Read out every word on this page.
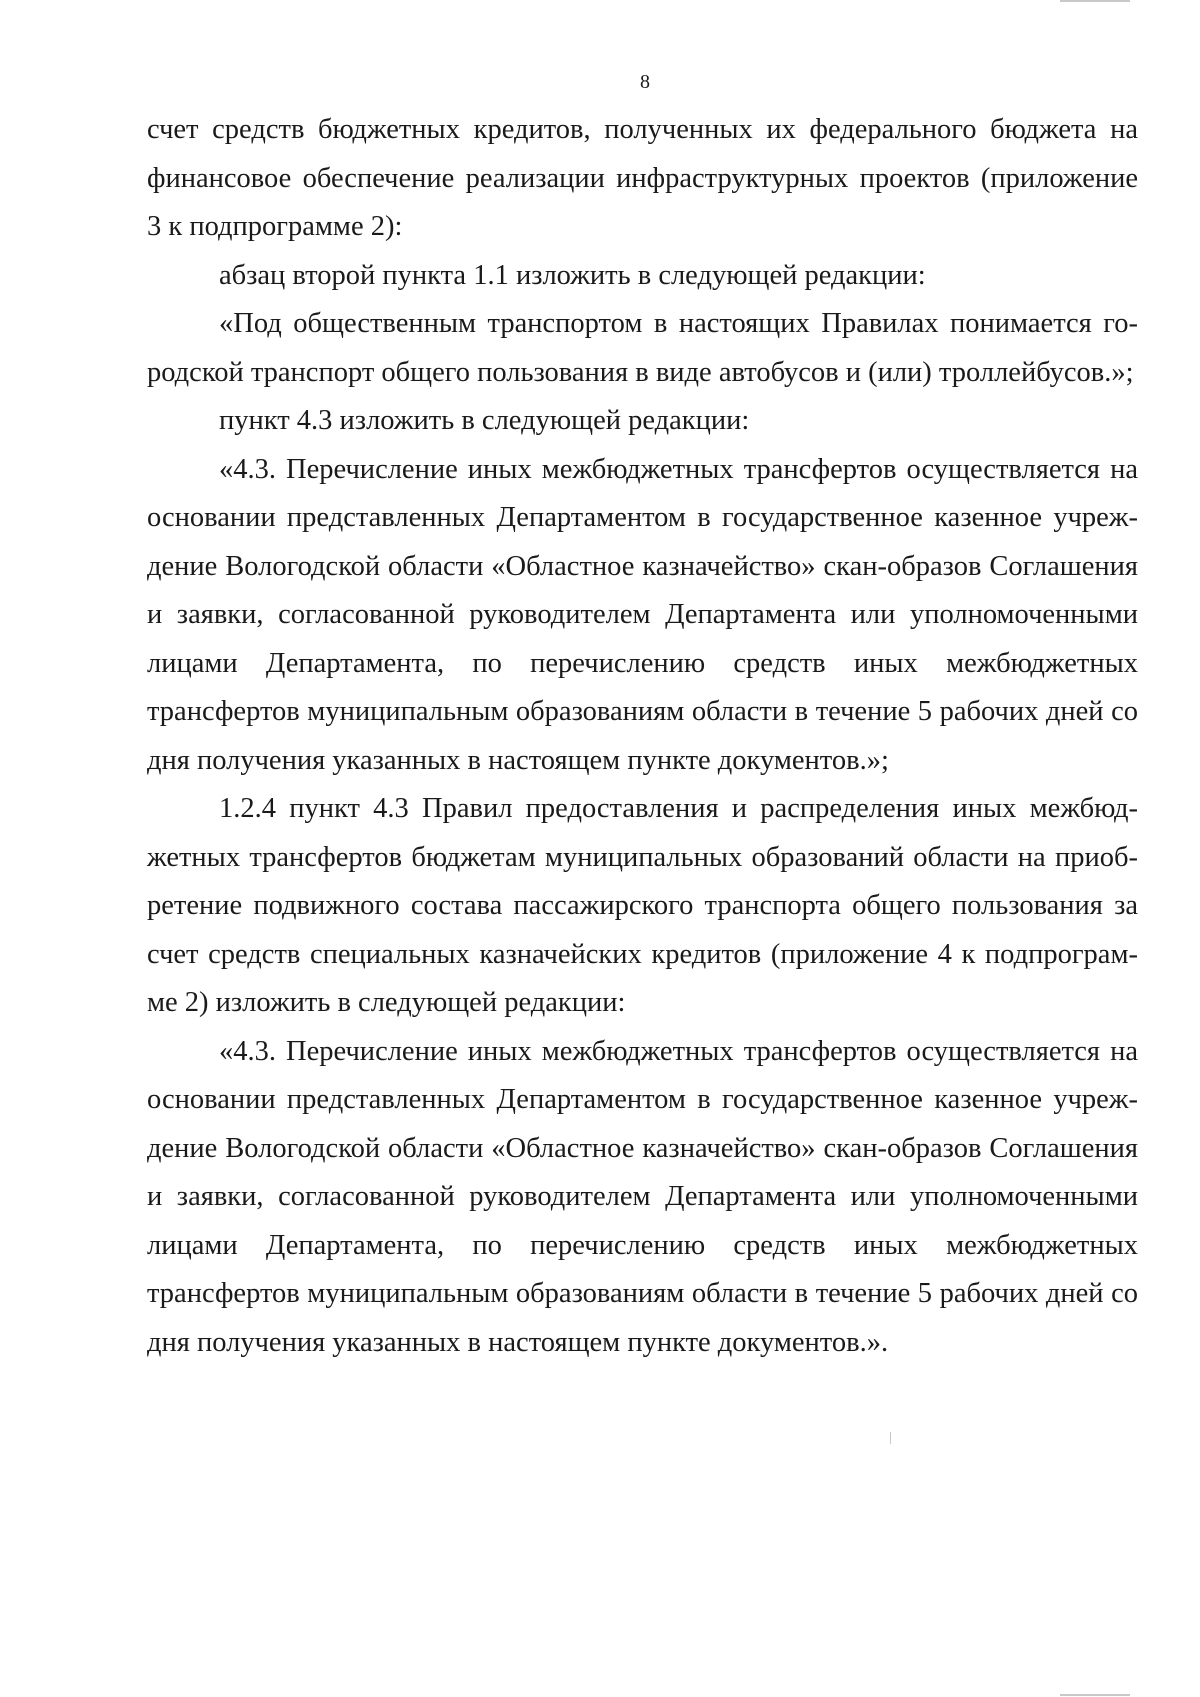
8

счет средств бюджетных кредитов, полученных их федерального бюджета на финансовое обеспечение реализации инфраструктурных проектов (приложение 3 к подпрограмме 2):

абзац второй пункта 1.1 изложить в следующей редакции:

«Под общественным транспортом в настоящих Правилах понимается городской транспорт общего пользования в виде автобусов и (или) троллейбусов.»;

пункт 4.3 изложить в следующей редакции:

«4.3. Перечисление иных межбюджетных трансфертов осуществляется на основании представленных Департаментом в государственное казенное учреждение Вологодской области «Областное казначейство» скан-образов Соглашения и заявки, согласованной руководителем Департамента или уполномоченными лицами Департамента, по перечислению средств иных межбюджетных трансфертов муниципальным образованиям области в течение 5 рабочих дней со дня получения указанных в настоящем пункте документов.»;

1.2.4 пункт 4.3 Правил предоставления и распределения иных межбюджетных трансфертов бюджетам муниципальных образований области на приобретение подвижного состава пассажирского транспорта общего пользования за счет средств специальных казначейских кредитов (приложение 4 к подпрограмме 2) изложить в следующей редакции:

«4.3. Перечисление иных межбюджетных трансфертов осуществляется на основании представленных Департаментом в государственное казенное учреждение Вологодской области «Областное казначейство» скан-образов Соглашения и заявки, согласованной руководителем Департамента или уполномоченными лицами Департамента, по перечислению средств иных межбюджетных трансфертов муниципальным образованиям области в течение 5 рабочих дней со дня получения указанных в настоящем пункте документов.».
